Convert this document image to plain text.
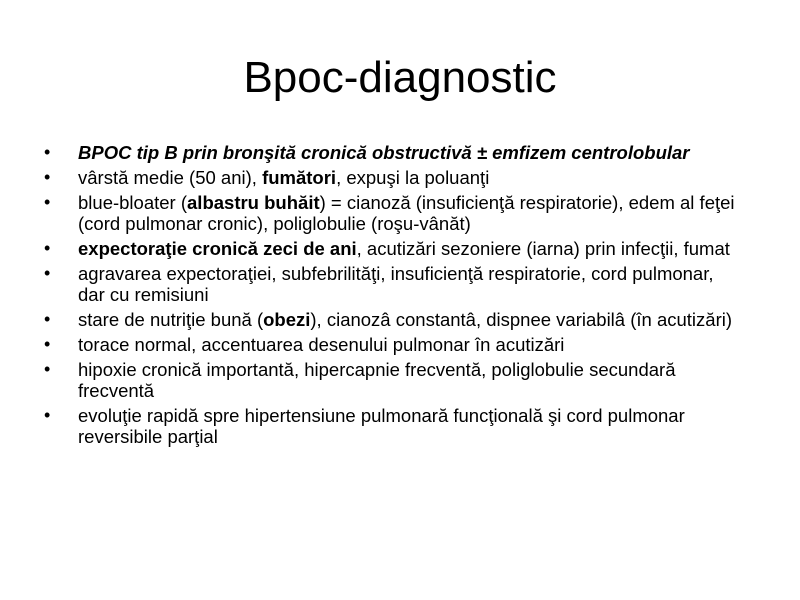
Bpoc-diagnostic
•	BPOC tip B prin bronşită cronică obstructivă ± emfizem centrolobular
•	vârstă medie (50 ani), fumători, expuşi la poluanţi
•	blue-bloater (albastru buhăit) = cianoză (insuficienţă respiratorie), edem al feţei (cord pulmonar cronic), poliglobulie (roşu-vânăt)
•	expectoraţie cronică zeci de ani, acutizări sezoniere (iarna) prin infecţii, fumat
•	agravarea expectoraţiei, subfebrilităţi, insuficienţă respiratorie, cord pulmonar, dar cu remisiuni
•	stare de nutriţie bună (obezi), cianozâ constantâ, dispnee variabilâ (în acutizări)
•	torace normal, accentuarea desenului pulmonar în acutizări
•	hipoxie cronică importantă, hipercapnie frecventă, poliglobulie secundară frecventă
•	evoluţie rapidă spre hipertensiune pulmonară funcţională şi cord pulmonar reversibile parţial
